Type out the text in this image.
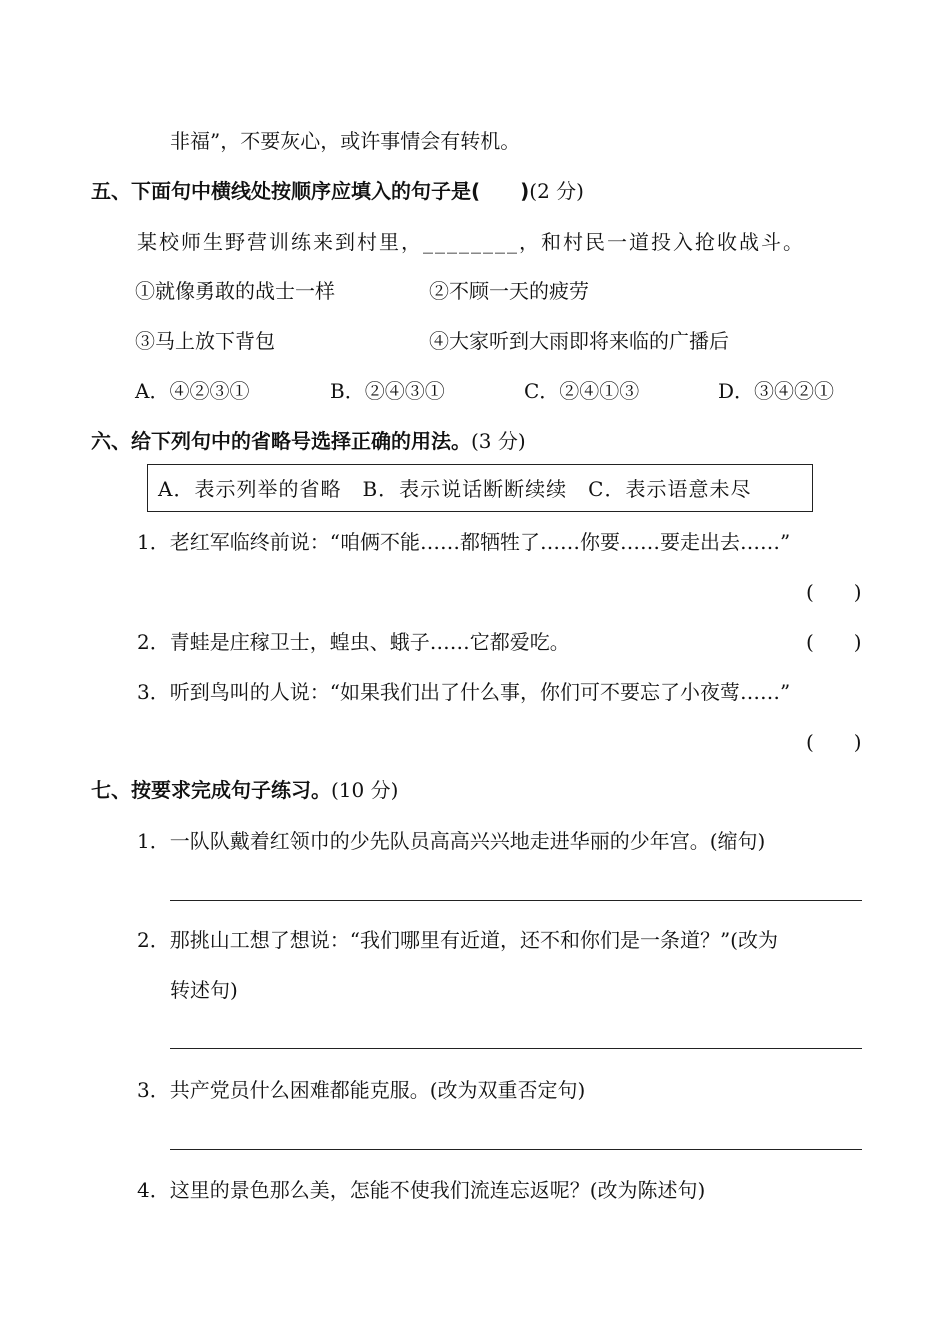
非福”，不要灰心，或许事情会有转机。
五、下面句中横线处按顺序应填入的句子是(　　)(2 分)
某校师生野营训练来到村里，________，和村民一道投入抢收战斗。
①就像勇敢的战士一样	②不顾一天的疲劳
③马上放下背包	④大家听到大雨即将来临的广播后
A．④②③①	B．②④③①	C．②④①③	D．③④②①
六、给下列句中的省略号选择正确的用法。(3 分)
A．表示列举的省略　B．表示说话断断续续　C．表示语意未尽
1．老红军临终前说：“咱俩不能……都牺牲了……你要……要走出去……”
(　　)
2．青蛙是庄稼卫士，蝗虫、蛾子……它都爱吃。	(　　)
3．听到鸟叫的人说：“如果我们出了什么事，你们可不要忘了小夜莺……”
(　　)
七、按要求完成句子练习。(10 分)
1．一队队戴着红领巾的少先队员高高兴兴地走进华丽的少年宫。(缩句)
2．那挑山工想了想说：“我们哪里有近道，还不和你们是一条道？”(改为
转述句)
3．共产党员什么困难都能克服。(改为双重否定句)
4．这里的景色那么美，怎能不使我们流连忘返呢？(改为陈述句)
